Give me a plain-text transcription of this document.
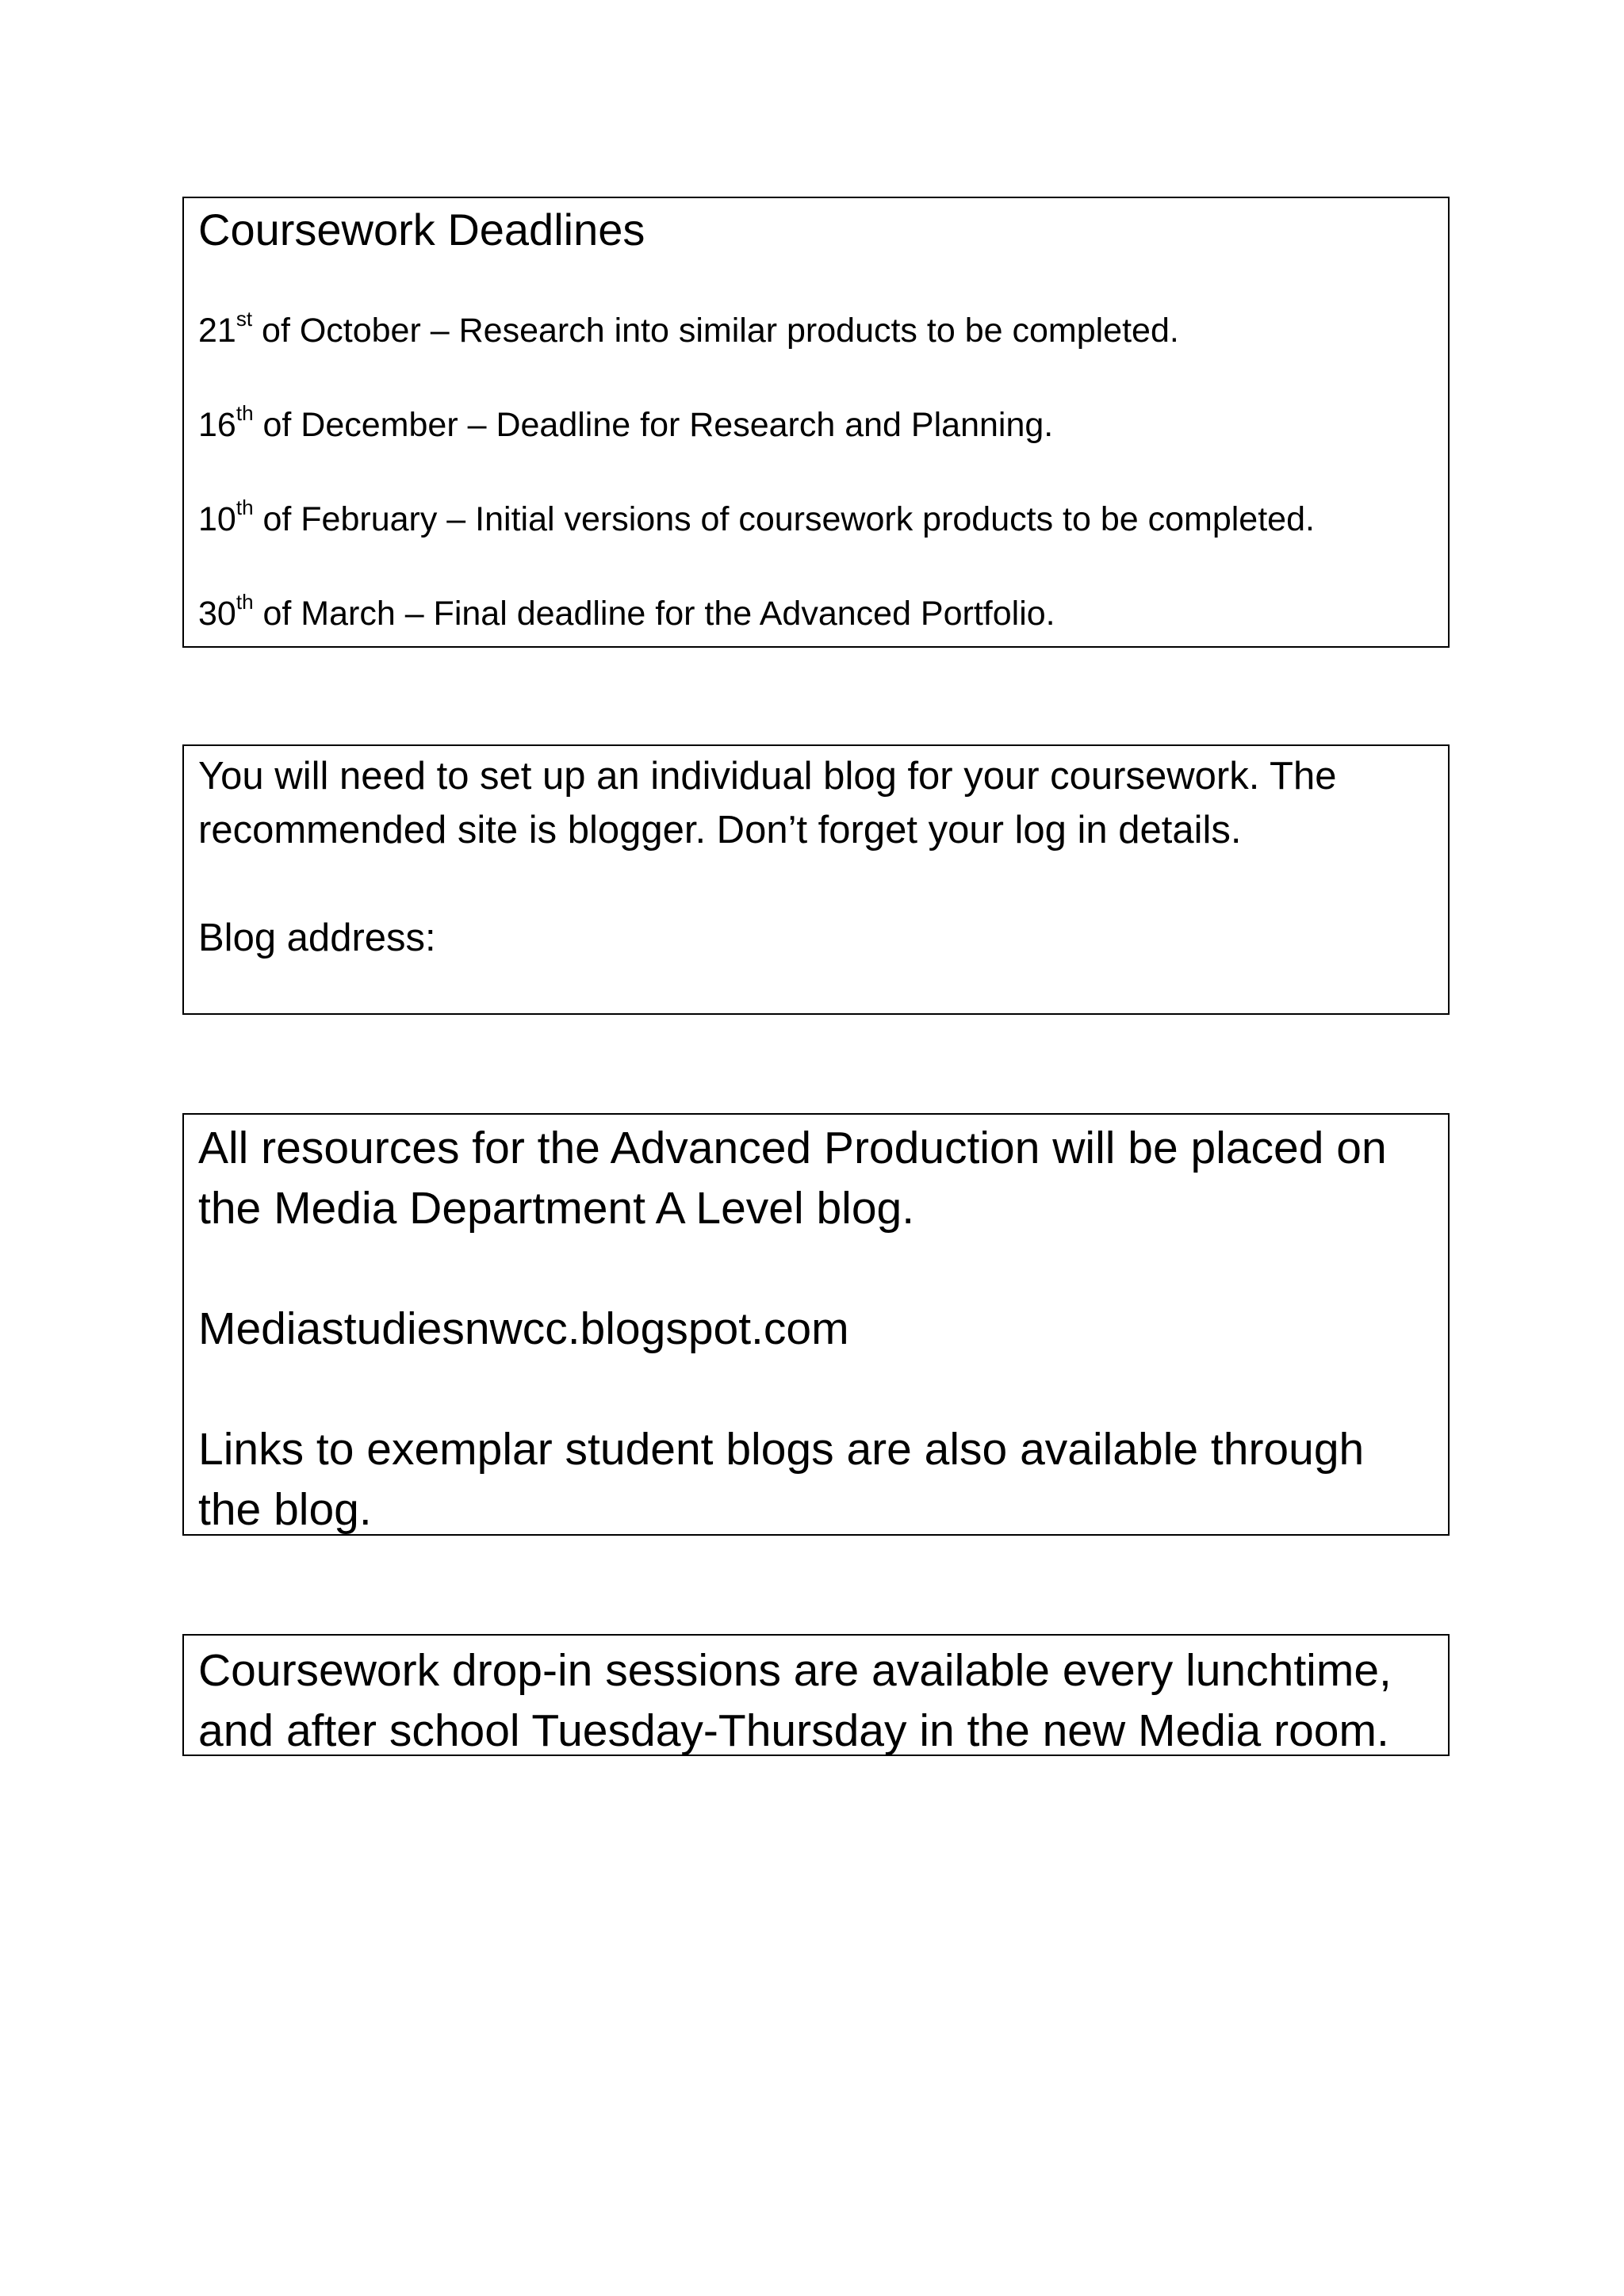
Coursework Deadlines

21st of October – Research into similar products to be completed.

16th of December – Deadline for Research and Planning.

10th of February – Initial versions of coursework products to be completed.

30th of March – Final deadline for the Advanced Portfolio.

You will need to set up an individual blog for your coursework. The recommended site is blogger. Don’t forget your log in details.

Blog address:

All resources for the Advanced Production will be placed on the Media Department A Level blog.

Mediastudiesnwcc.blogspot.com

Links to exemplar student blogs are also available through the blog.

Coursework drop-in sessions are available every lunchtime, and after school Tuesday-Thursday in the new Media room.
